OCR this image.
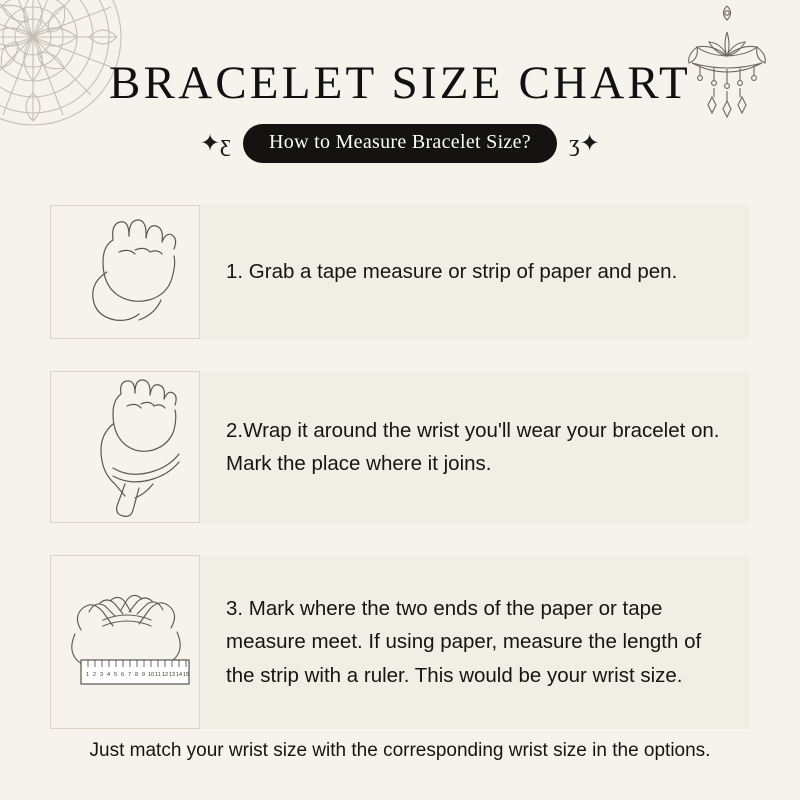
BRACELET SIZE CHART
ʒ✦	How to Measure Bracelet Size?	ʒ✦
1. Grab a tape measure or strip of paper and pen.
2.Wrap it around the wrist you'll wear your bracelet on. Mark the place where it joins.
1 2 3 4 5 6 7 8 9 10 11 12 13 14 15
3. Mark where the two ends of the paper or tape measure meet. If using paper, measure the length of the strip with a ruler. This would be your wrist size.
Just match your wrist size with the corresponding wrist size in the options.
